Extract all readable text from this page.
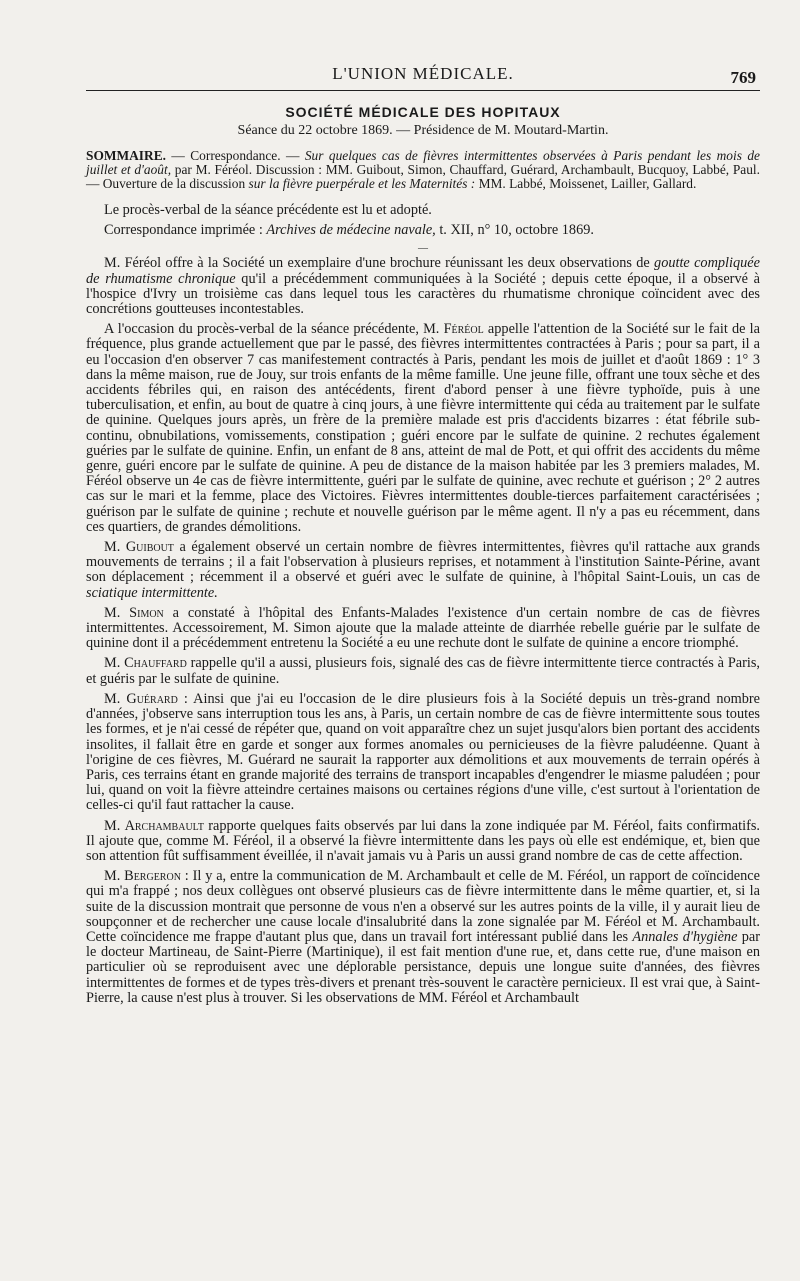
L'UNION MÉDICALE.	769
SOCIÉTÉ MÉDICALE DES HOPITAUX
Séance du 22 octobre 1869. — Présidence de M. Moutard-Martin.

SOMMAIRE. — Correspondance. — Sur quelques cas de fièvres intermittentes observées à Paris pendant les mois de juillet et d'août, par M. Féréol. Discussion : MM. Guibout, Simon, Chauffard, Guérard, Archambault, Bucquoy, Labbé, Paul. — Ouverture de la discussion sur la fièvre puerpérale et les Maternités : MM. Labbé, Moissenet, Lailler, Gallard.

Le procès-verbal de la séance précédente est lu et adopté.

Correspondance imprimée : Archives de médecine navale, t. XII, n° 10, octobre 1869.

—

M. Féréol offre à la Société un exemplaire d'une brochure réunissant les deux observations de goutte compliquée de rhumatisme chronique qu'il a précédemment communiquées à la Société ; depuis cette époque, il a observé à l'hospice d'Ivry un troisième cas dans lequel tous les caractères du rhumatisme chronique coïncident avec des concrétions goutteuses incontestables.

A l'occasion du procès-verbal de la séance précédente, M. Féréol appelle l'attention de la Société sur le fait de la fréquence, plus grande actuellement que par le passé, des fièvres intermittentes contractées à Paris ; pour sa part, il a eu l'occasion d'en observer 7 cas manifestement contractés à Paris, pendant les mois de juillet et d'août 1869 : 1° 3 dans la même maison, rue de Jouy, sur trois enfants de la même famille. Une jeune fille, offrant une toux sèche et des accidents fébriles qui, en raison des antécédents, firent d'abord penser à une fièvre typhoïde, puis à une tuberculisation, et enfin, au bout de quatre à cinq jours, à une fièvre intermittente qui céda au traitement par le sulfate de quinine. Quelques jours après, un frère de la première malade est pris d'accidents bizarres : état fébrile sub-continu, obnubilations, vomissements, constipation ; guéri encore par le sulfate de quinine. 2 rechutes également guéries par le sulfate de quinine. Enfin, un enfant de 8 ans, atteint de mal de Pott, et qui offrit des accidents du même genre, guéri encore par le sulfate de quinine. A peu de distance de la maison habitée par les 3 premiers malades, M. Féréol observe un 4e cas de fièvre intermittente, guéri par le sulfate de quinine, avec rechute et guérison ; 2° 2 autres cas sur le mari et la femme, place des Victoires. Fièvres intermittentes double-tierces parfaitement caractérisées ; guérison par le sulfate de quinine ; rechute et nouvelle guérison par le même agent. Il n'y a pas eu récemment, dans ces quartiers, de grandes démolitions.

M. Guibout a également observé un certain nombre de fièvres intermittentes, fièvres qu'il rattache aux grands mouvements de terrains ; il a fait l'observation à plusieurs reprises, et notamment à l'institution Sainte-Périne, avant son déplacement ; récemment il a observé et guéri avec le sulfate de quinine, à l'hôpital Saint-Louis, un cas de sciatique intermittente.

M. Simon a constaté à l'hôpital des Enfants-Malades l'existence d'un certain nombre de cas de fièvres intermittentes. Accessoirement, M. Simon ajoute que la malade atteinte de diarrhée rebelle guérie par le sulfate de quinine dont il a précédemment entretenu la Société a eu une rechute dont le sulfate de quinine a encore triomphé.

M. Chauffard rappelle qu'il a aussi, plusieurs fois, signalé des cas de fièvre intermittente tierce contractés à Paris, et guéris par le sulfate de quinine.

M. Guérard : Ainsi que j'ai eu l'occasion de le dire plusieurs fois à la Société depuis un très-grand nombre d'années, j'observe sans interruption tous les ans, à Paris, un certain nombre de cas de fièvre intermittente sous toutes les formes, et je n'ai cessé de répéter que, quand on voit apparaître chez un sujet jusqu'alors bien portant des accidents insolites, il fallait être en garde et songer aux formes anomales ou pernicieuses de la fièvre paludéenne. Quant à l'origine de ces fièvres, M. Guérard ne saurait la rapporter aux démolitions et aux mouvements de terrain opérés à Paris, ces terrains étant en grande majorité des terrains de transport incapables d'engendrer le miasme paludéen ; pour lui, quand on voit la fièvre atteindre certaines maisons ou certaines régions d'une ville, c'est surtout à l'orientation de celles-ci qu'il faut rattacher la cause.

M. Archambault rapporte quelques faits observés par lui dans la zone indiquée par M. Féréol, faits confirmatifs. Il ajoute que, comme M. Féréol, il a observé la fièvre intermittente dans les pays où elle est endémique, et, bien que son attention fût suffisamment éveillée, il n'avait jamais vu à Paris un aussi grand nombre de cas de cette affection.

M. Bergeron : Il y a, entre la communication de M. Archambault et celle de M. Féréol, un rapport de coïncidence qui m'a frappé ; nos deux collègues ont observé plusieurs cas de fièvre intermittente dans le même quartier, et, si la suite de la discussion montrait que personne de vous n'en a observé sur les autres points de la ville, il y aurait lieu de soupçonner et de rechercher une cause locale d'insalubrité dans la zone signalée par M. Féréol et M. Archambault. Cette coïncidence me frappe d'autant plus que, dans un travail fort intéressant publié dans les Annales d'hygiène par le docteur Martineau, de Saint-Pierre (Martinique), il est fait mention d'une rue, et, dans cette rue, d'une maison en particulier où se reproduisent avec une déplorable persistance, depuis une longue suite d'années, des fièvres intermittentes de formes et de types très-divers et prenant très-souvent le caractère pernicieux. Il est vrai que, à Saint-Pierre, la cause n'est plus à trouver. Si les observations de MM. Féréol et Archambault
